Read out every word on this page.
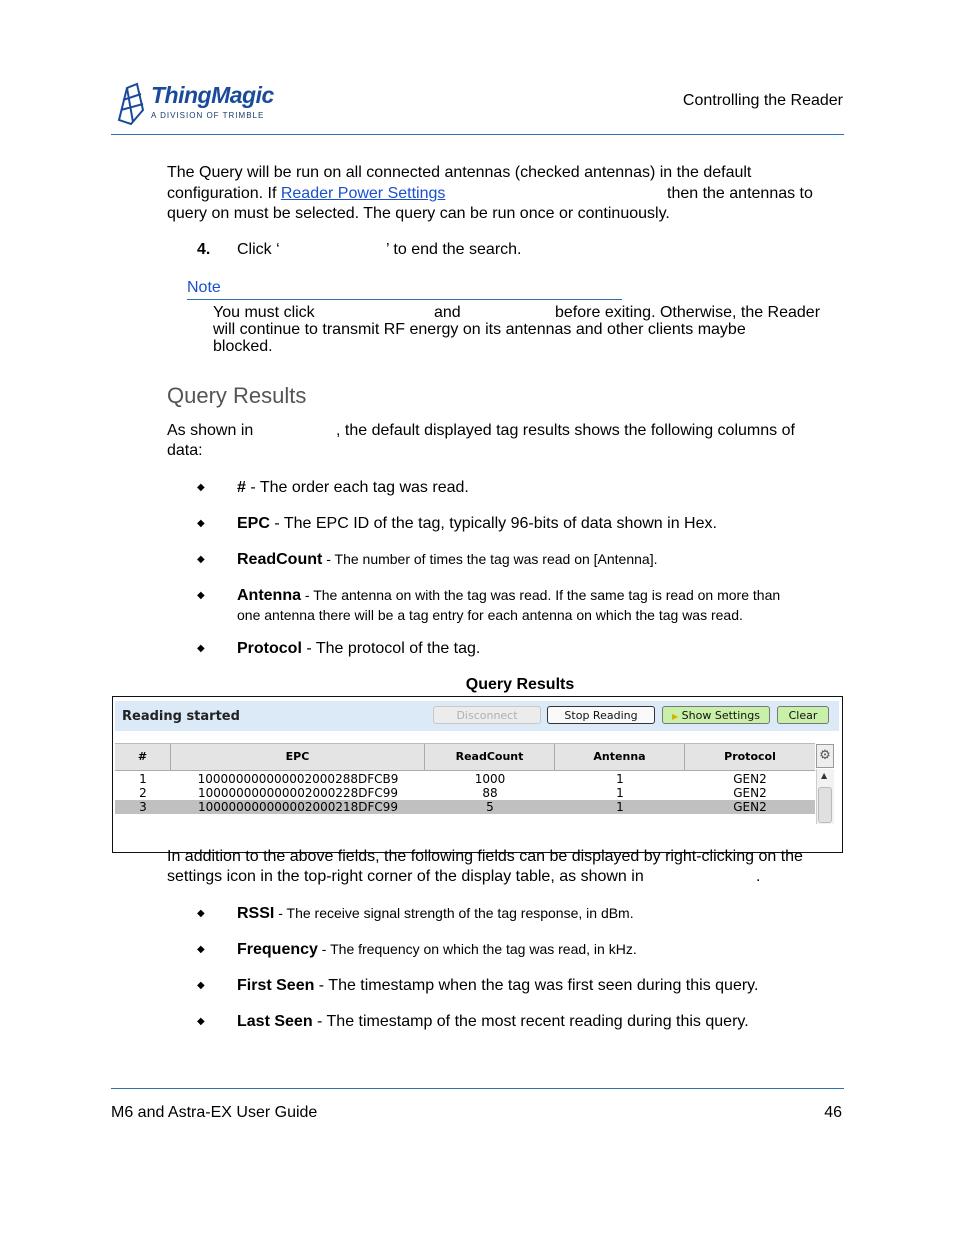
ThingMagic
A DIVISION OF TRIMBLE
Controlling the Reader
The Query will be run on all connected antennas (checked antennas) in the default
configuration. If Reader Power Settings	then the antennas to
query on must be selected. The query can be run once or continuously.
4. Click ‘	’ to end the search.
Note
You must click	and	before exiting. Otherwise, the Reader
will continue to transmit RF energy on its antennas and other clients maybe
blocked.
Query Results
As shown in	, the default displayed tag results shows the following columns of
data:
◆ # - The order each tag was read.
◆ EPC - The EPC ID of the tag, typically 96-bits of data shown in Hex.
◆ ReadCount - The number of times the tag was read on [Antenna].
◆ Antenna - The antenna on with the tag was read. If the same tag is read on more than
one antenna there will be a tag entry for each antenna on which the tag was read.
◆ Protocol - The protocol of the tag.
Query Results
Reading started	Disconnect	Stop Reading	▶ Show Settings	Clear
#	EPC	ReadCount	Antenna	Protocol	⚙
1	100000000000002000288DFCB9	1000	1	GEN2
2	100000000000002000228DFC99	88	1	GEN2
3	100000000000002000218DFC99	5	1	GEN2
▲
In addition to the above fields, the following fields can be displayed by right-clicking on the
settings icon in the top-right corner of the display table, as shown in	.
◆ RSSI - The receive signal strength of the tag response, in dBm.
◆ Frequency - The frequency on which the tag was read, in kHz.
◆ First Seen - The timestamp when the tag was first seen during this query.
◆ Last Seen - The timestamp of the most recent reading during this query.
M6 and Astra-EX User Guide	46
